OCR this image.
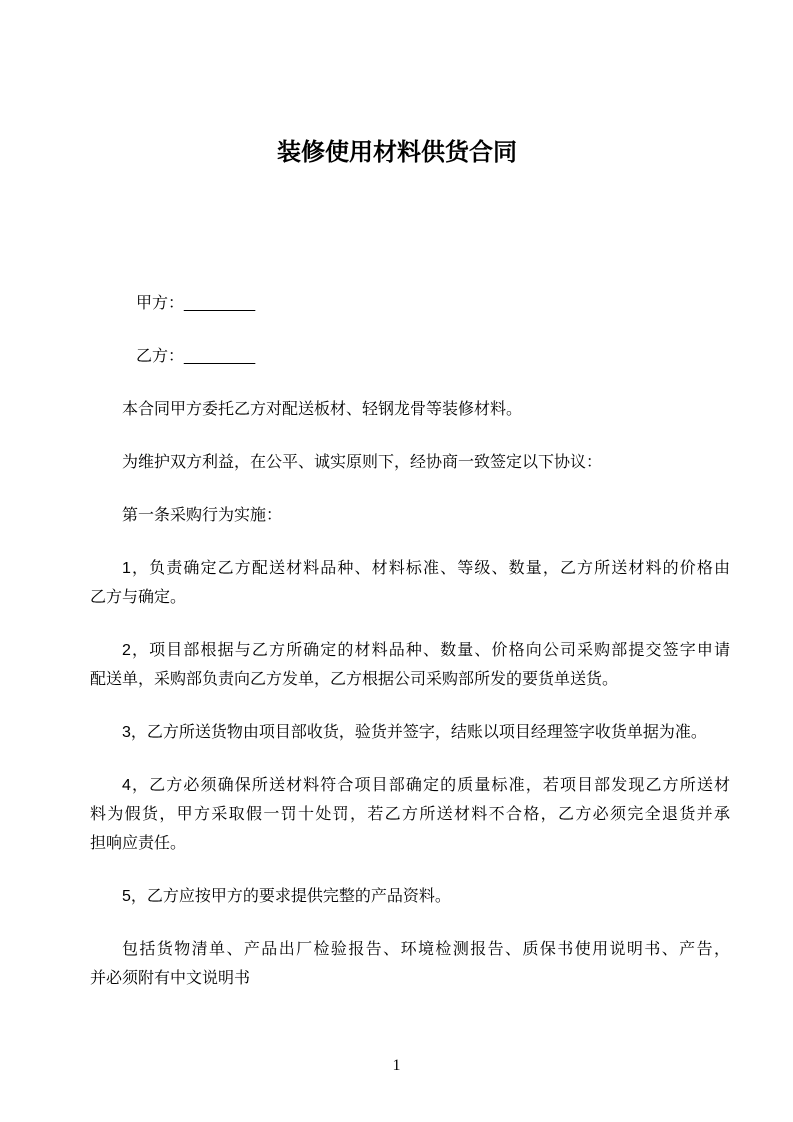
装修使用材料供货合同
甲方：________
乙方：________
本合同甲方委托乙方对配送板材、轻钢龙骨等装修材料。
为维护双方利益，在公平、诚实原则下，经协商一致签定以下协议：
第一条采购行为实施：
1，负责确定乙方配送材料品种、材料标准、等级、数量，乙方所送材料的价格由
乙方与确定。
2，项目部根据与乙方所确定的材料品种、数量、价格向公司采购部提交签字申请
配送单，采购部负责向乙方发单，乙方根据公司采购部所发的要货单送货。
3，乙方所送货物由项目部收货，验货并签字，结账以项目经理签字收货单据为准。
4，乙方必须确保所送材料符合项目部确定的质量标准，若项目部发现乙方所送材
料为假货，甲方采取假一罚十处罚，若乙方所送材料不合格，乙方必须完全退货并承
担响应责任。
5，乙方应按甲方的要求提供完整的产品资料。
包括货物清单、产品出厂检验报告、环境检测报告、质保书使用说明书、产告，
并必须附有中文说明书
1
